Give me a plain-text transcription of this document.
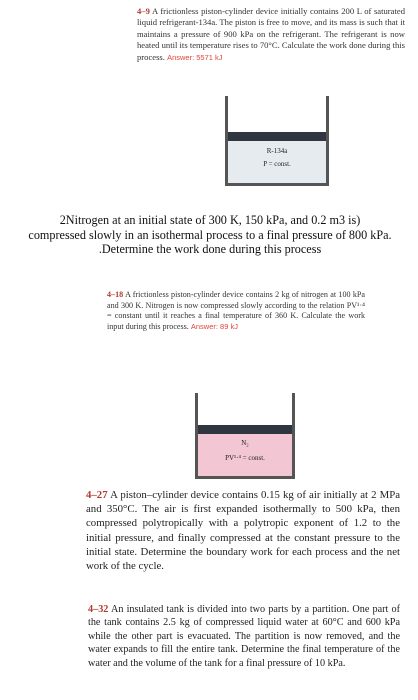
4–9 A frictionless piston-cylinder device initially contains 200 L of saturated liquid refrigerant-134a. The piston is free to move, and its mass is such that it maintains a pressure of 900 kPa on the refrigerant. The refrigerant is now heated until its temperature rises to 70°C. Calculate the work done during this process. Answer: 5571 kJ
R-134a
P = const.
2Nitrogen at an initial state of 300 K, 150 kPa, and 0.2 m3 is)
compressed slowly in an isothermal process to a final pressure of 800 kPa.
.Determine the work done during this process
4–18 A frictionless piston-cylinder device contains 2 kg of nitrogen at 100 kPa and 300 K. Nitrogen is now compressed slowly according to the relation PV¹·⁴ = constant until it reaches a final temperature of 360 K. Calculate the work input during this process. Answer: 89 kJ
N₂
PV¹·⁴ = const.
4–27 A piston–cylinder device contains 0.15 kg of air initially at 2 MPa and 350°C. The air is first expanded isothermally to 500 kPa, then compressed polytropically with a polytropic exponent of 1.2 to the initial pressure, and finally compressed at the constant pressure to the initial state. Determine the boundary work for each process and the net work of the cycle.
4–32 An insulated tank is divided into two parts by a partition. One part of the tank contains 2.5 kg of compressed liquid water at 60°C and 600 kPa while the other part is evacuated. The partition is now removed, and the water expands to fill the entire tank. Determine the final temperature of the water and the volume of the tank for a final pressure of 10 kPa.
